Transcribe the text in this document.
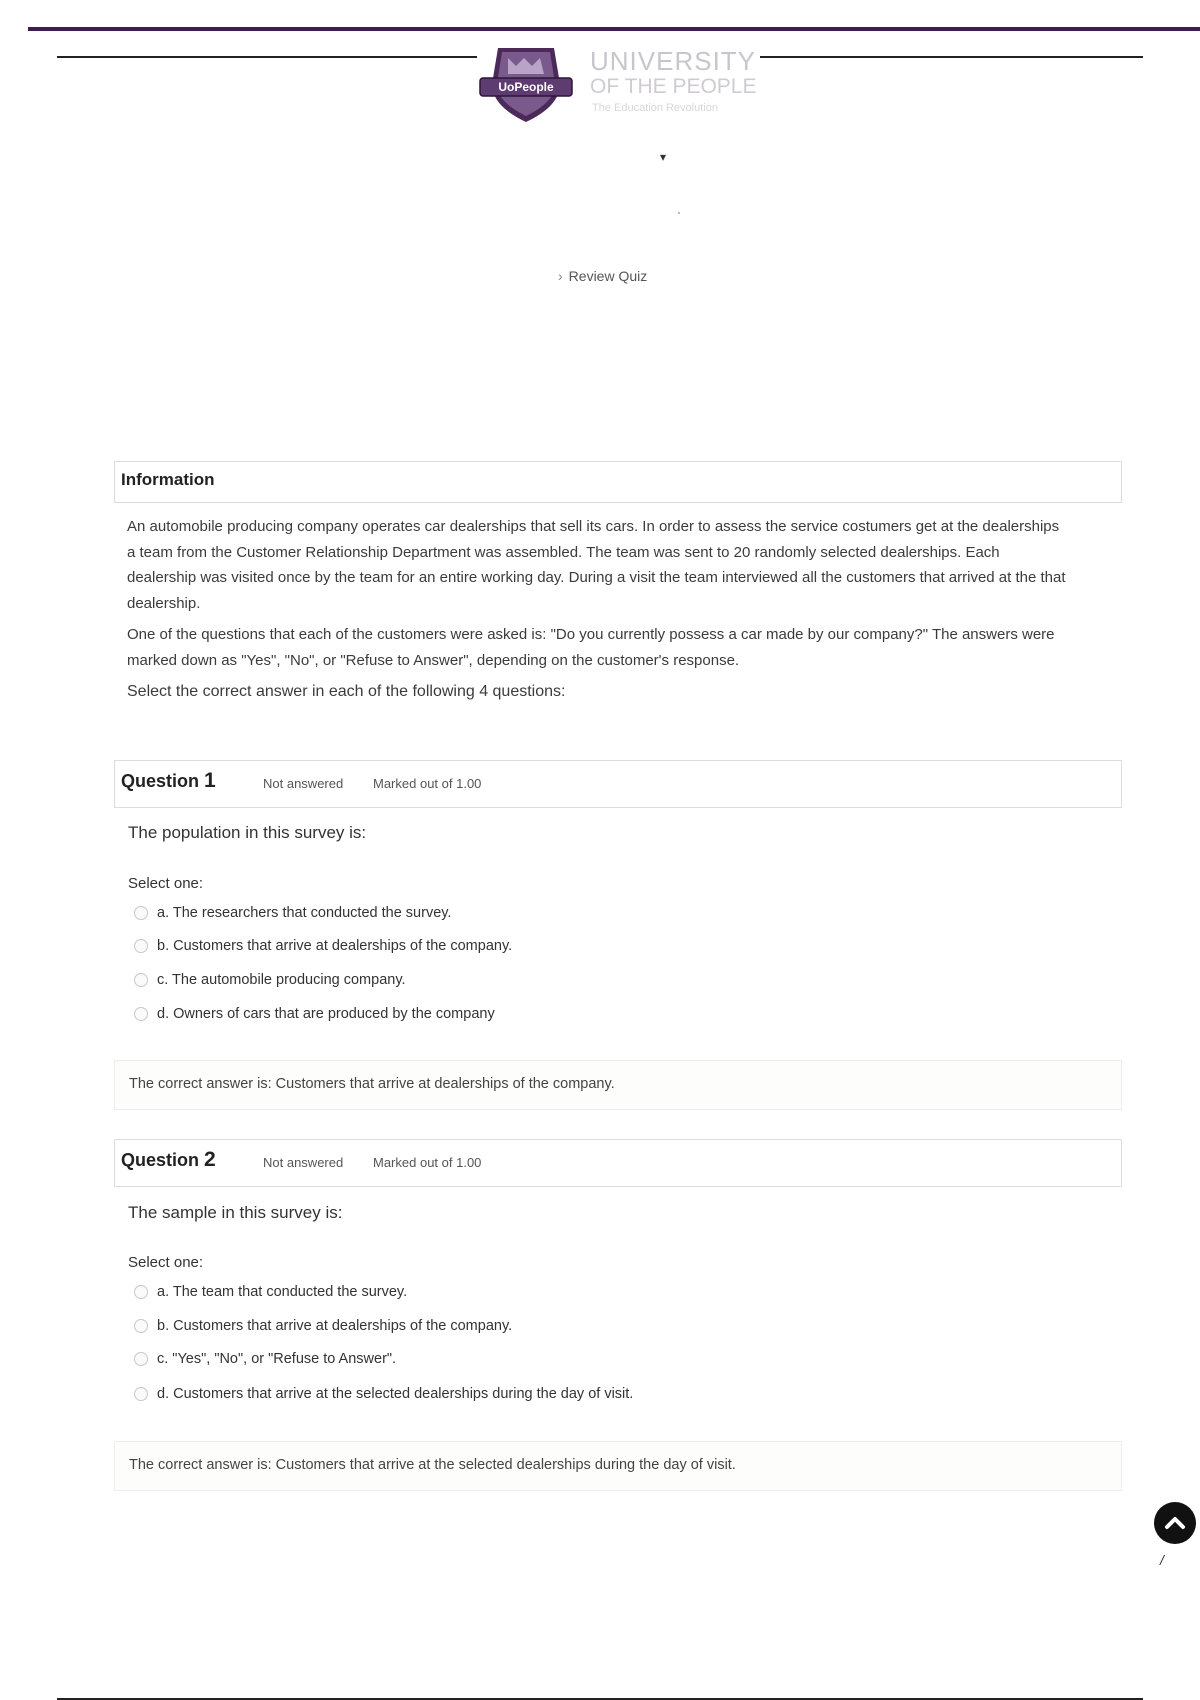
UoPeople
UNIVERSITY
OF THE PEOPLE
The Education Revolution
▾
› Review Quiz
Information
An automobile producing company operates car dealerships that sell its cars. In order to assess the service costumers get at the dealerships a team from the Customer Relationship Department was assembled. The team was sent to 20 randomly selected dealerships. Each dealership was visited once by the team for an entire working day. During a visit the team interviewed all the customers that arrived at the that dealership.
One of the questions that each of the customers were asked is: "Do you currently possess a car made by our company?" The answers were marked down as "Yes", "No", or "Refuse to Answer", depending on the customer's response.
Select the correct answer in each of the following 4 questions:
Question 1	Not answered Marked out of 1.00
The population in this survey is:
Select one:
a. The researchers that conducted the survey.
b. Customers that arrive at dealerships of the company.
c. The automobile producing company.
d. Owners of cars that are produced by the company
The correct answer is: Customers that arrive at dealerships of the company.
Question 2	Not answered Marked out of 1.00
The sample in this survey is:
Select one:
a. The team that conducted the survey.
b. Customers that arrive at dealerships of the company.
c. "Yes", "No", or "Refuse to Answer".
d. Customers that arrive at the selected dealerships during the day of visit.
The correct answer is: Customers that arrive at the selected dealerships during the day of visit.
/
